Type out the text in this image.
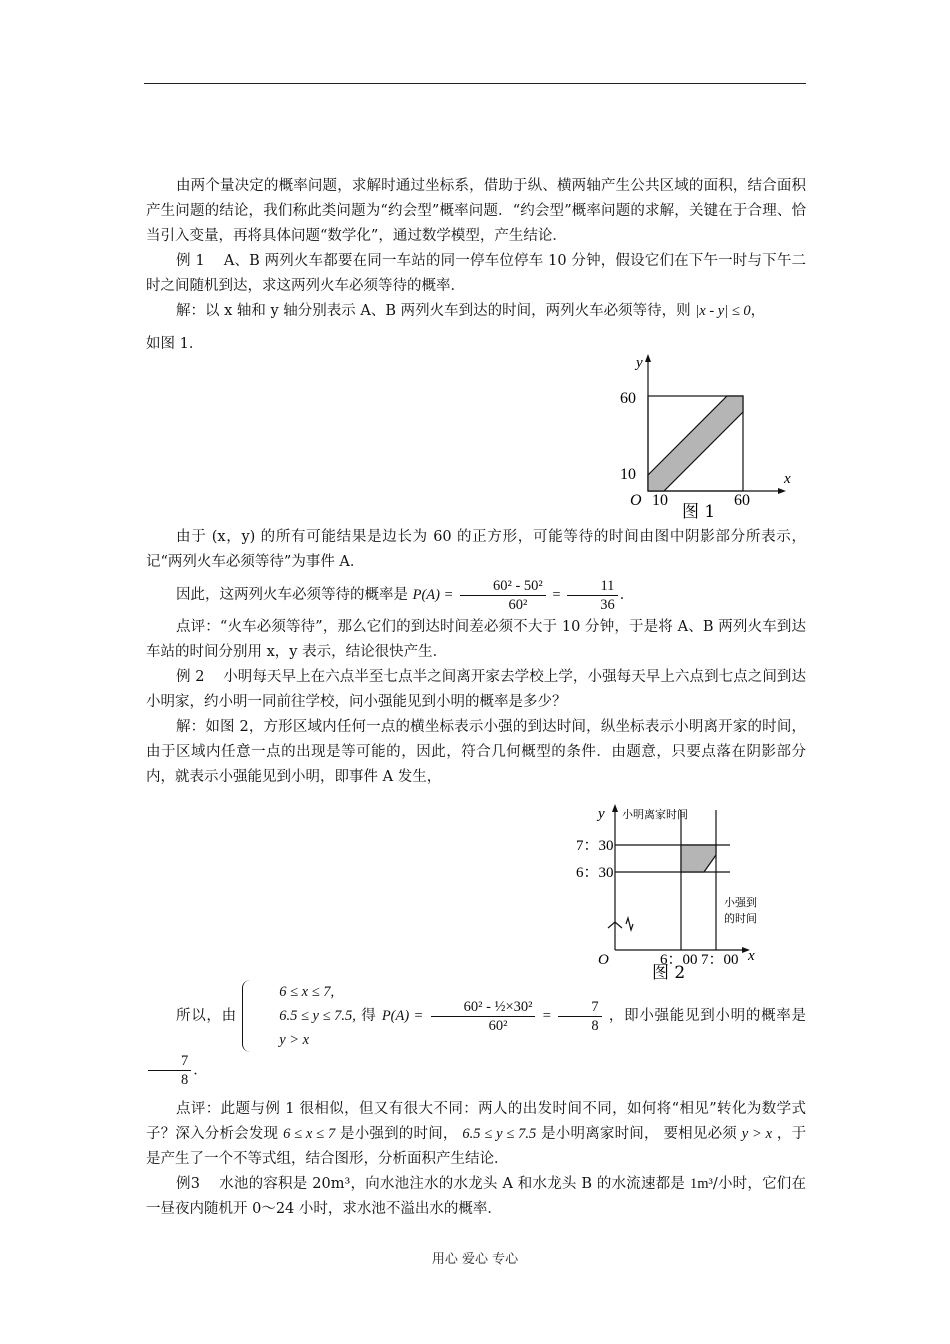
由两个量决定的概率问题，求解时通过坐标系，借助于纵、横两轴产生公共区域的面积，结合面积产生问题的结论，我们称此类问题为“约会型”概率问题．“约会型”概率问题的求解，关键在于合理、恰当引入变量，再将具体问题“数学化”，通过数学模型，产生结论．

例 1 A、B 两列火车都要在同一车站的同一停车位停车 10 分钟，假设它们在下午一时与下午二时之间随机到达，求这两列火车必须等待的概率．

解：以 x 轴和 y 轴分别表示 A、B 两列火车到达的时间，两列火车必须等待，则 |x - y| ≤ 0，

如图 1．

60
10
O 10	60
y
x
图 1

由于 (x，y) 的所有可能结果是边长为 60 的正方形，可能等待的时间由图中阴影部分所表示，记“两列火车必须等待”为事件 A．

因此，这两列火车必须等待的概率是 $P(A) = \frac{\text{60² - 50²}}{\text{60²}} = \frac{11}{36}$ ．

点评：“火车必须等待”，那么它们的到达时间差必须不大于 10 分钟，于是将 A、B 两列火车到达车站的时间分别用 x，y 表示，结论很快产生．

例 2 小明每天早上在六点半至七点半之间离开家去学校上学，小强每天早上六点到七点之间到达小明家，约小明一同前往学校，问小强能见到小明的概率是多少？

解：如图 2，方形区域内任何一点的横坐标表示小强的到达时间，纵坐标表示小明离开家的时间，由于区域内任意一点的出现是等可能的，因此，符合几何概型的条件．由题意，只要点落在阴影部分内，就表示小强能见到小明，即事件 A 发生，

y 小明离家时间
7：30
6：30
小强到
的时间
O	6：00 7：00 x
图 2

所以，由
6 ≤ x ≤ 7,
6.5 ≤ y ≤ 7.5,
y > x
得 $P(A) = \frac{\text{60² - ½×30²}}{\text{60²}} = \frac{7}{8}$ ，即小强能见到小明的概率是
$\frac{7}{8}$ ．

点评：此题与例 1 很相似，但又有很大不同：两人的出发时间不同，如何将“相见”转化为数学式子？深入分析会发现 6 ≤ x ≤ 7 是小强到的时间， 6.5 ≤ y ≤ 7.5 是小明离家时间， 要相见必须 y > x ，于是产生了一个不等式组，结合图形，分析面积产生结论．

例3 水池的容积是 20m³，向水池注水的水龙头 A 和水龙头 B 的水流速都是 1m³/小时，它们在一昼夜内随机开 0～24 小时，求水池不溢出水的概率．

用心 爱心 专心
